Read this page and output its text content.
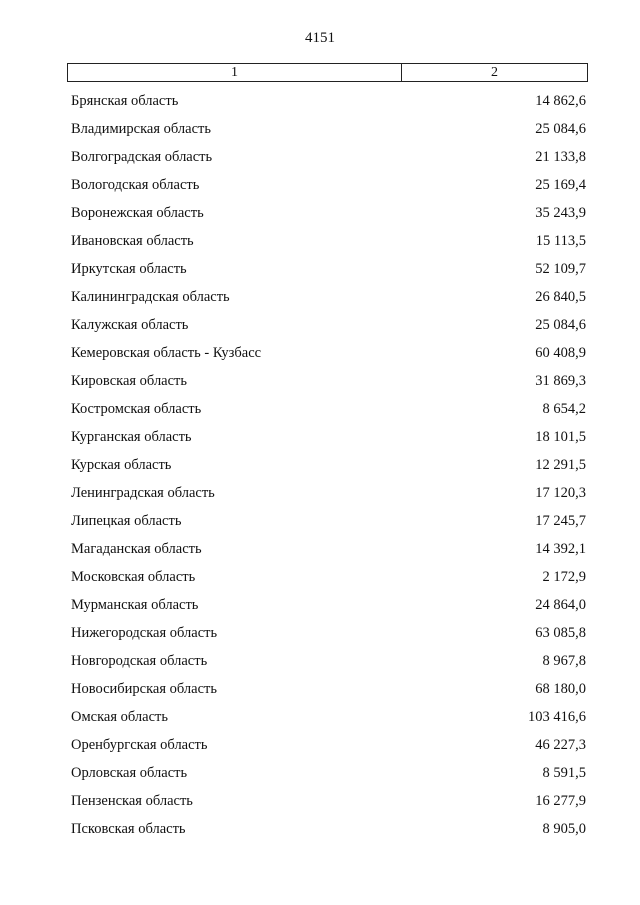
4151
1	2
Брянская область	14 862,6
Владимирская область	25 084,6
Волгоградская область	21 133,8
Вологодская область	25 169,4
Воронежская область	35 243,9
Ивановская область	15 113,5
Иркутская область	52 109,7
Калининградская область	26 840,5
Калужская область	25 084,6
Кемеровская область - Кузбасс	60 408,9
Кировская область	31 869,3
Костромская область	8 654,2
Курганская область	18 101,5
Курская область	12 291,5
Ленинградская область	17 120,3
Липецкая область	17 245,7
Магаданская область	14 392,1
Московская область	2 172,9
Мурманская область	24 864,0
Нижегородская область	63 085,8
Новгородская область	8 967,8
Новосибирская область	68 180,0
Омская область	103 416,6
Оренбургская область	46 227,3
Орловская область	8 591,5
Пензенская область	16 277,9
Псковская область	8 905,0
